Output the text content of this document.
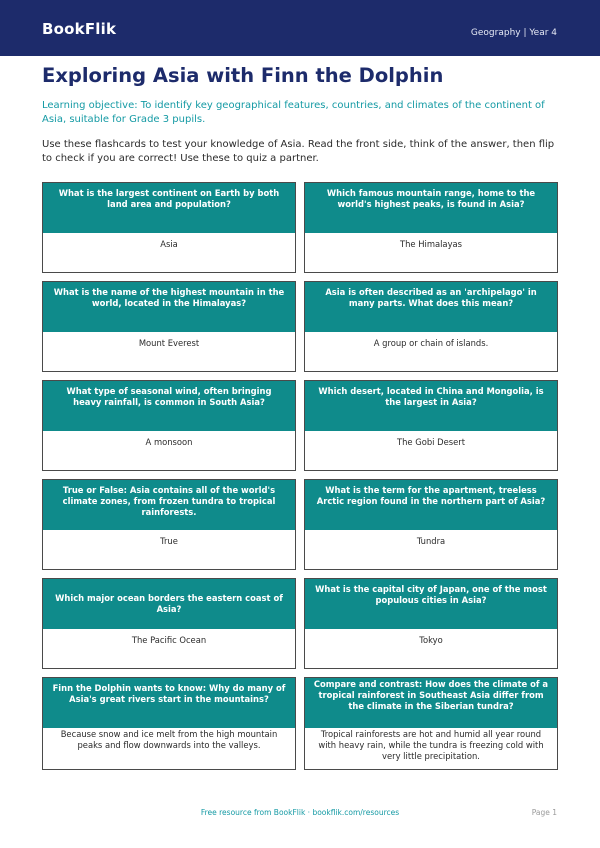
BookFlik	Geography | Year 4
Exploring Asia with Finn the Dolphin
Learning objective: To identify key geographical features, countries, and climates of the continent of Asia, suitable for Grade 3 pupils.
Use these flashcards to test your knowledge of Asia. Read the front side, think of the answer, then flip to check if you are correct! Use these to quiz a partner.
What is the largest continent on Earth by both land area and population?
Asia
Which famous mountain range, home to the world's highest peaks, is found in Asia?
The Himalayas
What is the name of the highest mountain in the world, located in the Himalayas?
Mount Everest
Asia is often described as an 'archipelago' in many parts. What does this mean?
A group or chain of islands.
What type of seasonal wind, often bringing heavy rainfall, is common in South Asia?
A monsoon
Which desert, located in China and Mongolia, is the largest in Asia?
The Gobi Desert
True or False: Asia contains all of the world's climate zones, from frozen tundra to tropical rainforests.
True
What is the term for the apartment, treeless Arctic region found in the northern part of Asia?
Tundra
Which major ocean borders the eastern coast of Asia?
The Pacific Ocean
What is the capital city of Japan, one of the most populous cities in Asia?
Tokyo
Finn the Dolphin wants to know: Why do many of Asia's great rivers start in the mountains?
Because snow and ice melt from the high mountain peaks and flow downwards into the valleys.
Compare and contrast: How does the climate of a tropical rainforest in Southeast Asia differ from the climate in the Siberian tundra?
Tropical rainforests are hot and humid all year round with heavy rain, while the tundra is freezing cold with very little precipitation.
Free resource from BookFlik · bookflik.com/resources	Page 1
